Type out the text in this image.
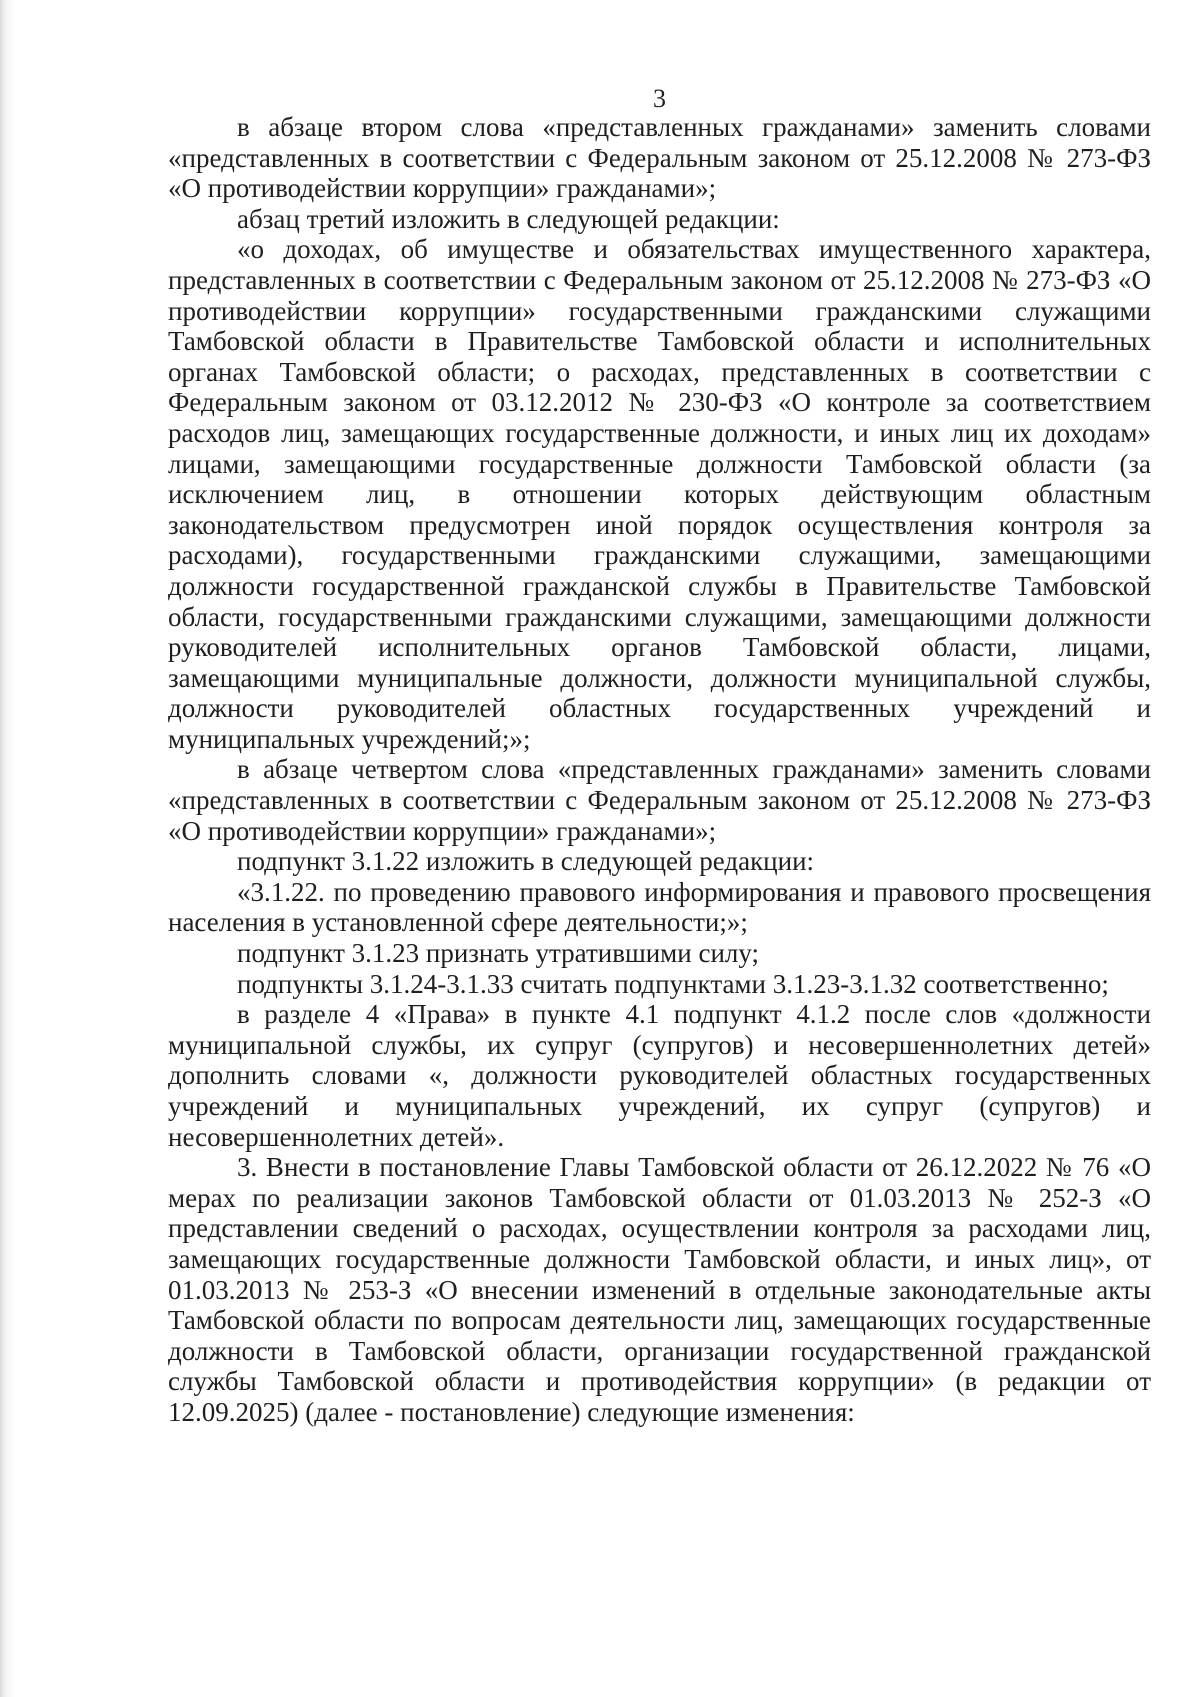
3

в абзаце втором слова «представленных гражданами» заменить словами «представленных в соответствии с Федеральным законом от 25.12.2008 № 273-ФЗ «О противодействии коррупции» гражданами»;

абзац третий изложить в следующей редакции:

«о доходах, об имуществе и обязательствах имущественного характера, представленных в соответствии с Федеральным законом от 25.12.2008 № 273-ФЗ «О противодействии коррупции» государственными гражданскими служащими Тамбовской области в Правительстве Тамбовской области и исполнительных органах Тамбовской области; о расходах, представленных в соответствии с Федеральным законом от 03.12.2012 № 230-ФЗ «О контроле за соответствием расходов лиц, замещающих государственные должности, и иных лиц их доходам» лицами, замещающими государственные должности Тамбовской области (за исключением лиц, в отношении которых действующим областным законодательством предусмотрен иной порядок осуществления контроля за расходами), государственными гражданскими служащими, замещающими должности государственной гражданской службы в Правительстве Тамбовской области, государственными гражданскими служащими, замещающими должности руководителей исполнительных органов Тамбовской области, лицами, замещающими муниципальные должности, должности муниципальной службы, должности руководителей областных государственных учреждений и муниципальных учреждений;»;

в абзаце четвертом слова «представленных гражданами» заменить словами «представленных в соответствии с Федеральным законом от 25.12.2008 № 273-ФЗ «О противодействии коррупции» гражданами»;

подпункт 3.1.22 изложить в следующей редакции:

«3.1.22. по проведению правового информирования и правового просвещения населения в установленной сфере деятельности;»;

подпункт 3.1.23 признать утратившими силу;

подпункты 3.1.24-3.1.33 считать подпунктами 3.1.23-3.1.32 соответственно;

в разделе 4 «Права» в пункте 4.1 подпункт 4.1.2 после слов «должности муниципальной службы, их супруг (супругов) и несовершеннолетних детей» дополнить словами «, должности руководителей областных государственных учреждений и муниципальных учреждений, их супруг (супругов) и несовершеннолетних детей».

3. Внести в постановление Главы Тамбовской области от 26.12.2022 № 76 «О мерах по реализации законов Тамбовской области от 01.03.2013 № 252-З «О представлении сведений о расходах, осуществлении контроля за расходами лиц, замещающих государственные должности Тамбовской области, и иных лиц», от 01.03.2013 № 253-З «О внесении изменений в отдельные законодательные акты Тамбовской области по вопросам деятельности лиц, замещающих государственные должности в Тамбовской области, организации государственной гражданской службы Тамбовской области и противодействия коррупции» (в редакции от 12.09.2025) (далее - постановление) следующие изменения:
